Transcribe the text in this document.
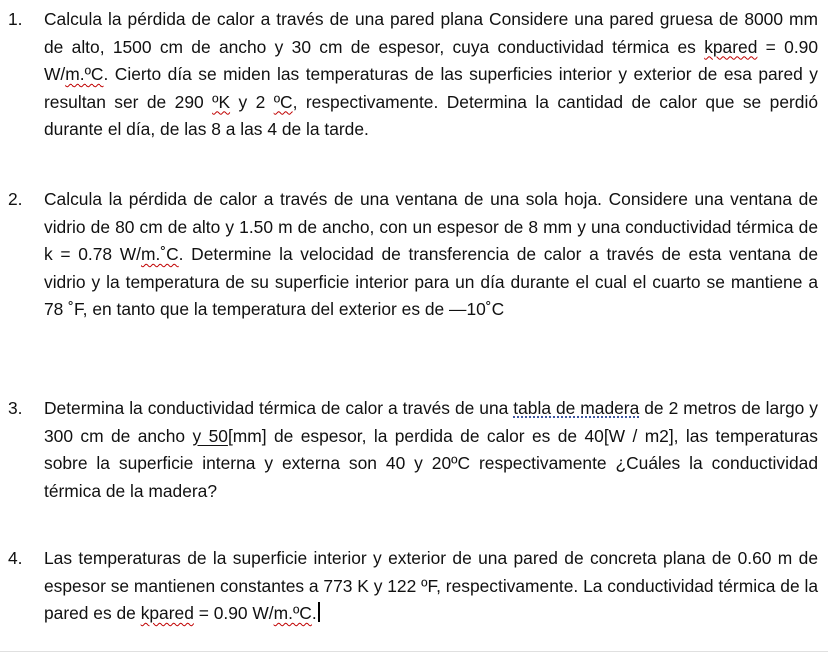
1.	Calcula la pérdida de calor a través de una pared plana Considere una pared gruesa de 8000 mm de alto, 1500 cm de ancho y 30 cm de espesor, cuya conductividad térmica es kpared = 0.90 W/m.ºC. Cierto día se miden las temperaturas de las superficies interior y exterior de esa pared y resultan ser de 290 ºK y 2 ºC, respectivamente. Determina la cantidad de calor que se perdió durante el día, de las 8 a las 4 de la tarde.
2.	Calcula la pérdida de calor a través de una ventana de una sola hoja. Considere una ventana de vidrio de 80 cm de alto y 1.50 m de ancho, con un espesor de 8 mm y una conductividad térmica de k = 0.78 W/m.˚C. Determine la velocidad de transferencia de calor a través de esta ventana de vidrio y la temperatura de su superficie interior para un día durante el cual el cuarto se mantiene a 78 ˚F, en tanto que la temperatura del exterior es de —10˚C
3.	Determina la conductividad térmica de calor a través de una tabla de madera de 2 metros de largo y 300 cm de ancho y 50[mm] de espesor, la perdida de calor es de 40[W / m2], las temperaturas sobre la superficie interna y externa son 40 y 20ºC respectivamente ¿Cuáles la conductividad térmica de la madera?
4.	Las temperaturas de la superficie interior y exterior de una pared de concreta plana de 0.60 m de espesor se mantienen constantes a 773 K y 122 ºF, respectivamente. La conductividad térmica de la pared es de kpared = 0.90 W/m.ºC.
